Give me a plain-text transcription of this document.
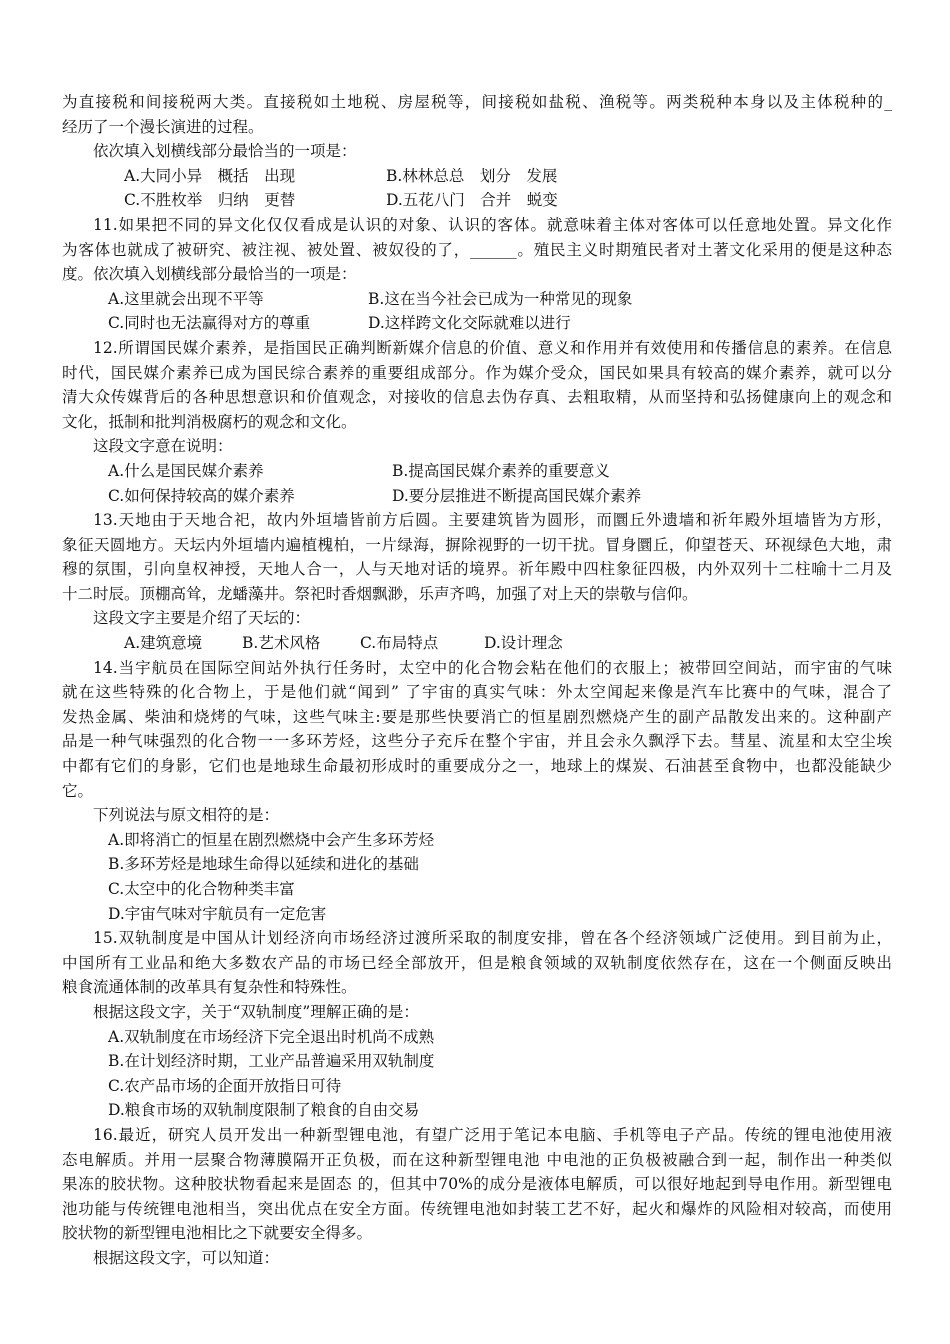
为直接税和间接税两大类。直接税如土地税、房屋税等，间接税如盐税、渔税等。两类税种本身以及主体税种的_
经历了一个漫长演进的过程。
依次填入划横线部分最恰当的一项是：
A.大同小异　概括　出现	B.林林总总　划分　发展
C.不胜枚举　归纳　更替	D.五花八门　合并　蜕变
11.如果把不同的异文化仅仅看成是认识的对象、认识的客体。就意味着主体对客体可以任意地处置。异文化作
为客体也就成了被研究、被注视、被处置、被奴役的了，______。殖民主义时期殖民者对土著文化采用的便是这种态
度。依次填入划横线部分最恰当的一项是：
A.这里就会出现不平等	B.这在当今社会已成为一种常见的现象
C.同时也无法赢得对方的尊重	D.这样跨文化交际就难以进行
12.所谓国民媒介素养，是指国民正确判断新媒介信息的价值、意义和作用并有效使用和传播信息的素养。在信息
时代，国民媒介素养已成为国民综合素养的重要组成部分。作为媒介受众，国民如果具有较高的媒介素养，就可以分
清大众传媒背后的各种思想意识和价值观念，对接收的信息去伪存真、去粗取精，从而坚持和弘扬健康向上的观念和
文化，抵制和批判消极腐朽的观念和文化。
这段文字意在说明：
A.什么是国民媒介素养	B.提高国民媒介素养的重要意义
C.如何保持较高的媒介素养	D.要分层推进不断提高国民媒介素养
13.天地由于天地合祀，故内外垣墙皆前方后圆。主要建筑皆为圆形，而圜丘外遗墙和祈年殿外垣墙皆为方形，
象征天圆地方。天坛内外垣墙内遍植槐柏，一片绿海，摒除视野的一切干扰。冒身圜丘，仰望苍天、环视绿色大地，肃
穆的氛围，引向皇权神授，天地人合一，人与天地对话的境界。祈年殿中四柱象征四极，内外双列十二柱喻十二月及
十二时辰。顶棚高耸，龙蟠藻井。祭祀时香烟飘渺，乐声齐鸣，加强了对上天的崇敬与信仰。
这段文字主要是介绍了天坛的：
A.建筑意境	B.艺术风格	C.布局特点	D.设计理念
14.当宇航员在国际空间站外执行任务时，太空中的化合物会粘在他们的衣服上；被带回空间站，而宇宙的气味
就在这些特殊的化合物上，于是他们就“闻到” 了宇宙的真实气味：外太空闻起来像是汽车比赛中的气味，混合了
发热金属、柴油和烧烤的气味，这些气味主:要是那些快要消亡的恒星剧烈燃烧产生的副产品散发出来的。这种副产
品是一种气味强烈的化合物一一多环芳烃，这些分子充斥在整个宇宙，并且会永久飘浮下去。彗星、流星和太空尘埃
中都有它们的身影，它们也是地球生命最初形成时的重要成分之一，地球上的煤炭、石油甚至食物中，也都没能缺少
它。
下列说法与原文相符的是：
A.即将消亡的恒星在剧烈燃烧中会产生多环芳烃
B.多环芳烃是地球生命得以延续和进化的基础
C.太空中的化合物种类丰富
D.宇宙气味对宇航员有一定危害
15.双轨制度是中国从计划经济向市场经济过渡所采取的制度安排，曾在各个经济领域广泛使用。到目前为止，
中国所有工业品和绝大多数农产品的市场已经全部放开，但是粮食领域的双轨制度依然存在，这在一个侧面反映出
粮食流通体制的改革具有复杂性和特殊性。
根据这段文字，关于“双轨制度”理解正确的是：
A.双轨制度在市场经济下完全退出时机尚不成熟
B.在计划经济时期，工业产品普遍采用双轨制度
C.农产品市场的企面开放指日可待
D.粮食市场的双轨制度限制了粮食的自由交易
16.最近，研究人员开发出一种新型锂电池，有望广泛用于笔记本电脑、手机等电子产品。传统的锂电池使用液
态电解质。并用一层聚合物薄膜隔开正负极，而在这种新型锂电池 中电池的正负极被融合到一起，制作出一种类似
果冻的胶状物。这种胶状物看起来是固态 的，但其中70%的成分是液体电解质，可以很好地起到导电作用。新型锂电
池功能与传统锂电池相当，突出优点在安全方面。传统锂电池如封装工艺不好，起火和爆炸的风险相对较高，而使用
胶状物的新型锂电池相比之下就要安全得多。
根据这段文字，可以知道：
